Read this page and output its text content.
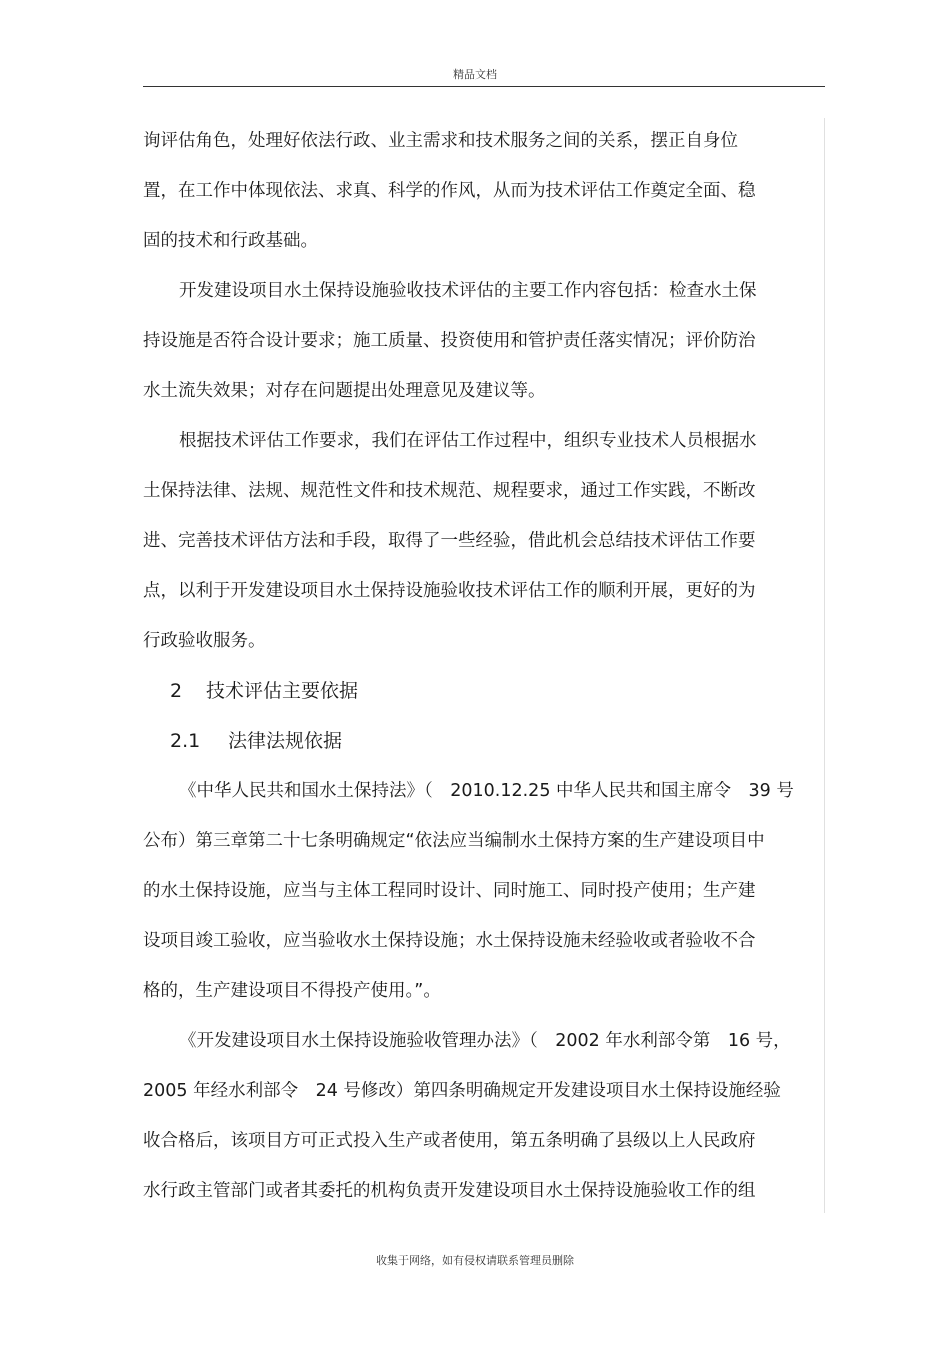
精品文档
询评估角色，处理好依法行政、业主需求和技术服务之间的关系，摆正自身位
置，在工作中体现依法、求真、科学的作风，从而为技术评估工作奠定全面、稳
固的技术和行政基础。
开发建设项目水土保持设施验收技术评估的主要工作内容包括：检查水土保
持设施是否符合设计要求；施工质量、投资使用和管护责任落实情况；评价防治
水土流失效果；对存在问题提出处理意见及建议等。
根据技术评估工作要求，我们在评估工作过程中，组织专业技术人员根据水
土保持法律、法规、规范性文件和技术规范、规程要求，通过工作实践，不断改
进、完善技术评估方法和手段，取得了一些经验，借此机会总结技术评估工作要
点，以利于开发建设项目水土保持设施验收技术评估工作的顺利开展，更好的为
行政验收服务。
2 技术评估主要依据
2.1 法律法规依据
《中华人民共和国水土保持法》（　2010.12.25 中华人民共和国主席令　39 号
公布）第三章第二十七条明确规定“依法应当编制水土保持方案的生产建设项目中
的水土保持设施，应当与主体工程同时设计、同时施工、同时投产使用；生产建
设项目竣工验收，应当验收水土保持设施；水土保持设施未经验收或者验收不合
格的，生产建设项目不得投产使用。”。
《开发建设项目水土保持设施验收管理办法》（　2002 年水利部令第　16 号，
2005 年经水利部令　24 号修改）第四条明确规定开发建设项目水土保持设施经验
收合格后，该项目方可正式投入生产或者使用，第五条明确了县级以上人民政府
水行政主管部门或者其委托的机构负责开发建设项目水土保持设施验收工作的组
收集于网络，如有侵权请联系管理员删除
